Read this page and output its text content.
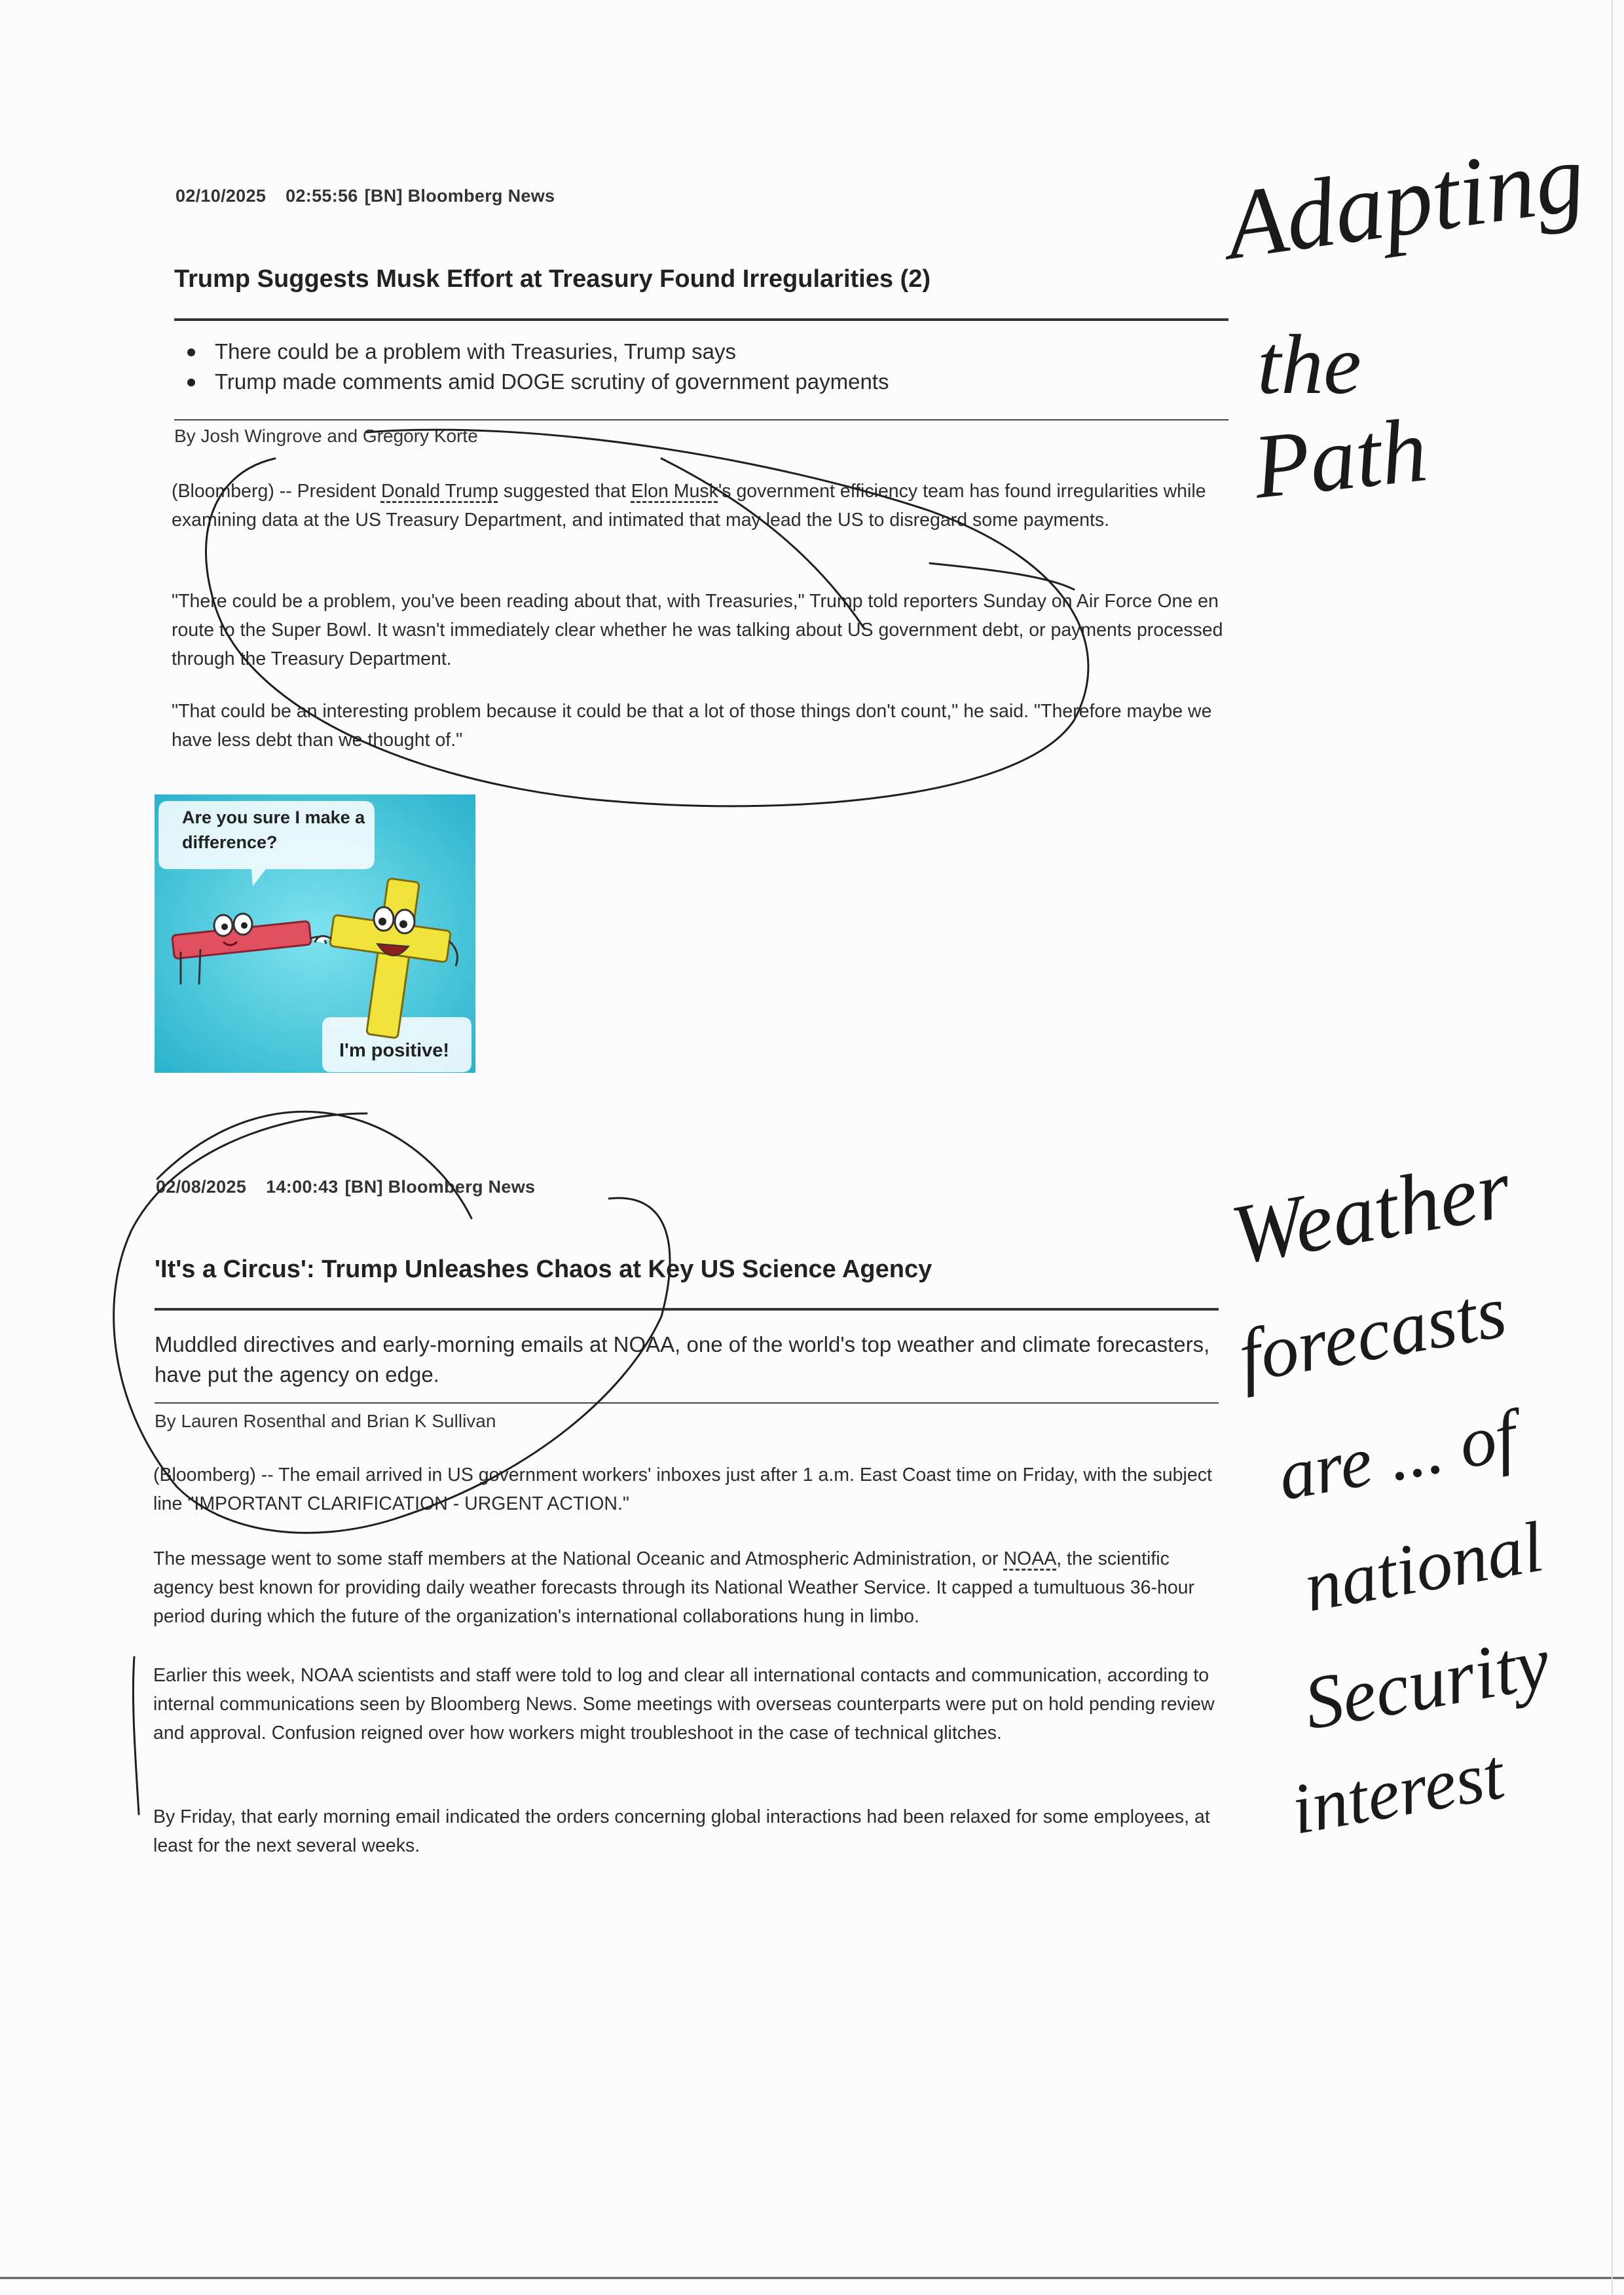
02/10/2025 02:55:56 [BN] Bloomberg News
Trump Suggests Musk Effort at Treasury Found Irregularities (2)
There could be a problem with Treasuries, Trump says
Trump made comments amid DOGE scrutiny of government payments
By Josh Wingrove and Gregory Korte

(Bloomberg) -- President Donald Trump suggested that Elon Musk's government efficiency team has found irregularities while examining data at the US Treasury Department, and intimated that may lead the US to disregard some payments.

"There could be a problem, you've been reading about that, with Treasuries," Trump told reporters Sunday on Air Force One en route to the Super Bowl. It wasn't immediately clear whether he was talking about US government debt, or payments processed through the Treasury Department.

"That could be an interesting problem because it could be that a lot of those things don't count," he said. "Therefore maybe we have less debt than we thought of."

Are you sure I make a
difference?
I'm positive!
02/08/2025 14:00:43 [BN] Bloomberg News
'It's a Circus': Trump Unleashes Chaos at Key US Science Agency

Muddled directives and early-morning emails at NOAA, one of the world's top weather and climate forecasters, have put the agency on edge.

By Lauren Rosenthal and Brian K Sullivan

(Bloomberg) -- The email arrived in US government workers' inboxes just after 1 a.m. East Coast time on Friday, with the subject line "IMPORTANT CLARIFICATION - URGENT ACTION."

The message went to some staff members at the National Oceanic and Atmospheric Administration, or NOAA, the scientific agency best known for providing daily weather forecasts through its National Weather Service. It capped a tumultuous 36-hour period during which the future of the organization's international collaborations hung in limbo.

Earlier this week, NOAA scientists and staff were told to log and clear all international contacts and communication, according to internal communications seen by Bloomberg News. Some meetings with overseas counterparts were put on hold pending review and approval. Confusion reigned over how workers might troubleshoot in the case of technical glitches.

By Friday, that early morning email indicated the orders concerning global interactions had been relaxed for some employees, at least for the next several weeks.

Adapting
the
Path
Weather
forecasts
are ... of
national
Security
interest
